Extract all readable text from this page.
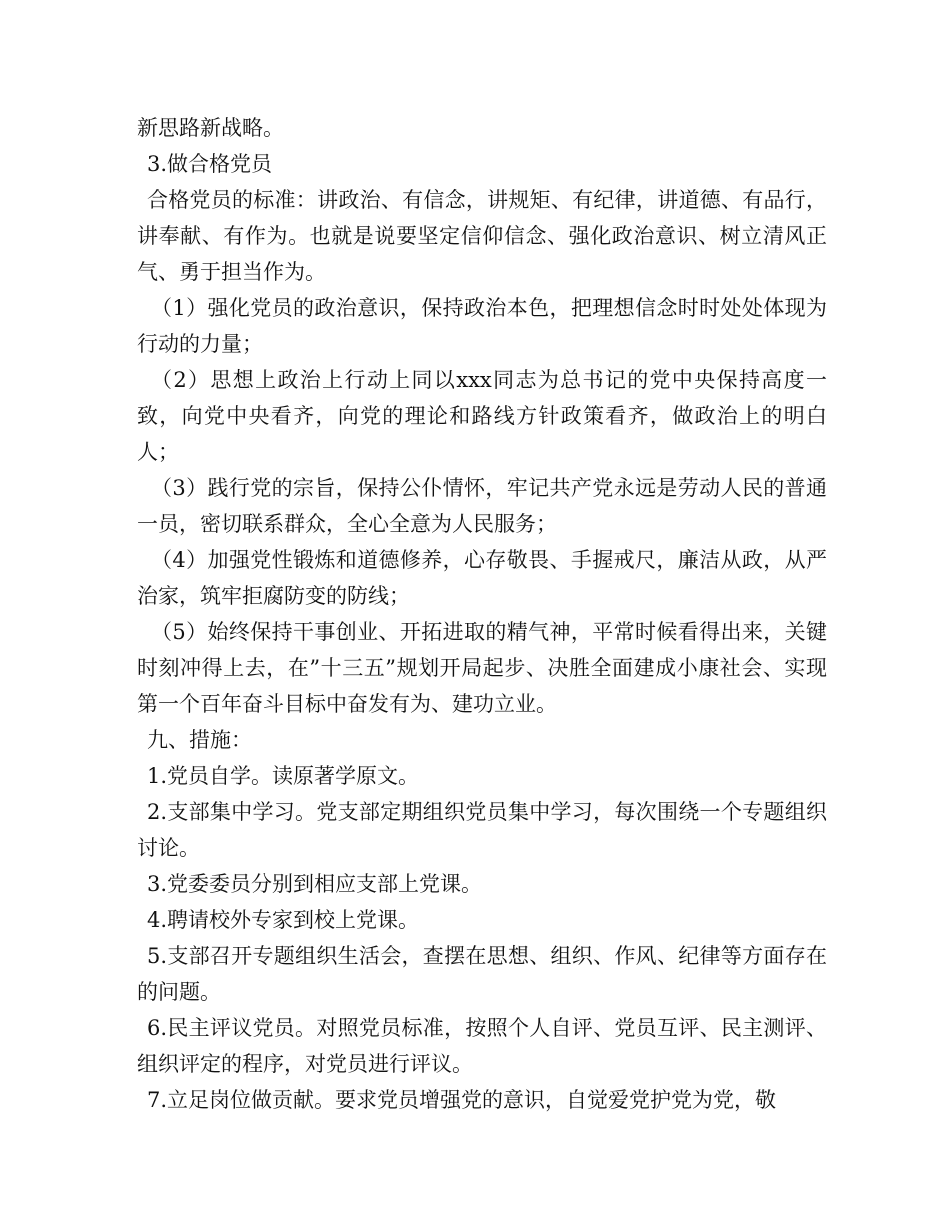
新思路新战略。

3.做合格党员

合格党员的标准：讲政治、有信念，讲规矩、有纪律，讲道德、有品行，讲奉献、有作为。也就是说要坚定信仰信念、强化政治意识、树立清风正气、勇于担当作为。

（1）强化党员的政治意识，保持政治本色，把理想信念时时处处体现为行动的力量；

（2）思想上政治上行动上同以xxx同志为总书记的党中央保持高度一致，向党中央看齐，向党的理论和路线方针政策看齐，做政治上的明白人；

（3）践行党的宗旨，保持公仆情怀，牢记共产党永远是劳动人民的普通一员，密切联系群众，全心全意为人民服务；

（4）加强党性锻炼和道德修养，心存敬畏、手握戒尺，廉洁从政，从严治家，筑牢拒腐防变的防线；

（5）始终保持干事创业、开拓进取的精气神，平常时候看得出来，关键时刻冲得上去，在”十三五”规划开局起步、决胜全面建成小康社会、实现第一个百年奋斗目标中奋发有为、建功立业。

九、措施：

1.党员自学。读原著学原文。

2.支部集中学习。党支部定期组织党员集中学习，每次围绕一个专题组织讨论。

3.党委委员分别到相应支部上党课。

4.聘请校外专家到校上党课。

5.支部召开专题组织生活会，查摆在思想、组织、作风、纪律等方面存在的问题。

6.民主评议党员。对照党员标准，按照个人自评、党员互评、民主测评、组织评定的程序，对党员进行评议。

7.立足岗位做贡献。要求党员增强党的意识，自觉爱党护党为党，敬
